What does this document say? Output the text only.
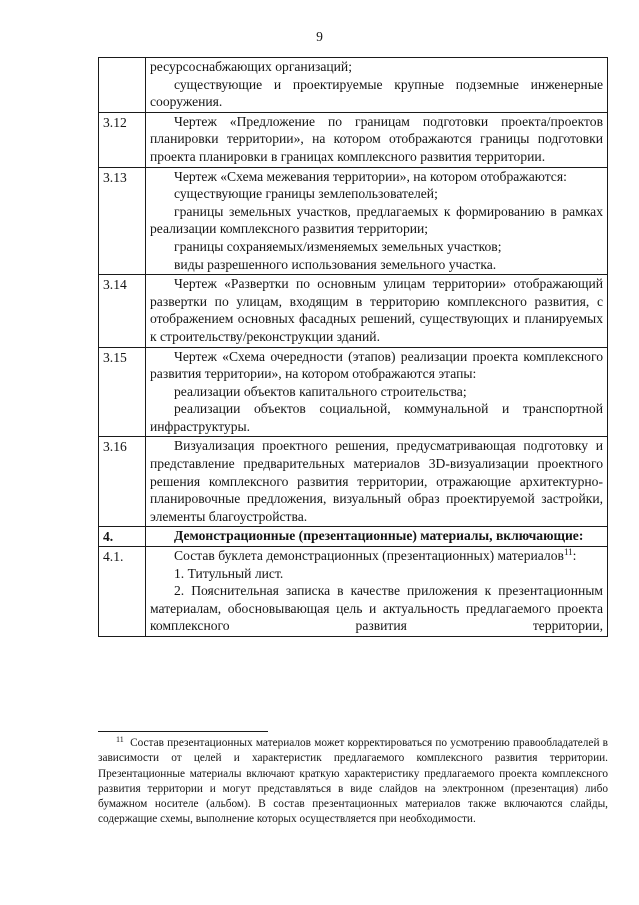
9

	ресурсоснабжающих организаций;
существующие и проектируемые крупные подземные инженерные сооружения.

3.12	Чертеж «Предложение по границам подготовки проекта/проектов планировки территории», на котором отображаются границы подготовки проекта планировки в границах комплексного развития территории.

3.13	Чертеж «Схема межевания территории», на котором отображаются:
существующие границы землепользователей;
границы земельных участков, предлагаемых к формированию в рамках реализации комплексного развития территории;
границы сохраняемых/изменяемых земельных участков;
виды разрешенного использования земельного участка.

3.14	Чертеж «Развертки по основным улицам территории» отображающий развертки по улицам, входящим в территорию комплексного развития, с отображением основных фасадных решений, существующих и планируемых к строительству/реконструкции зданий.

3.15	Чертеж «Схема очередности (этапов) реализации проекта комплексного развития территории», на котором отображаются этапы:
реализации объектов капитального строительства;
реализации объектов социальной, коммунальной и транспортной инфраструктуры.

3.16	Визуализация проектного решения, предусматривающая подготовку и представление предварительных материалов 3D-визуализации проектного решения комплексного развития территории, отражающие архитектурно-планировочные предложения, визуальный образ проектируемой застройки, элементы благоустройства.

4.	Демонстрационные (презентационные) материалы, включающие:

4.1.	Состав буклета демонстрационных (презентационных) материалов$^{11}$:
1. Титульный лист.
2. Пояснительная записка в качестве приложения к презентационным материалам, обосновывающая цель и актуальность предлагаемого проекта комплексного развития территории,
$^{11}$ Состав презентационных материалов может корректироваться по усмотрению правообладателей в зависимости от целей и характеристик предлагаемого комплексного развития территории. Презентационные материалы включают краткую характеристику предлагаемого проекта комплексного развития территории и могут представляться в виде слайдов на электронном (презентация) либо бумажном носителе (альбом). В состав презентационных материалов также включаются слайды, содержащие схемы, выполнение которых осуществляется при необходимости.
